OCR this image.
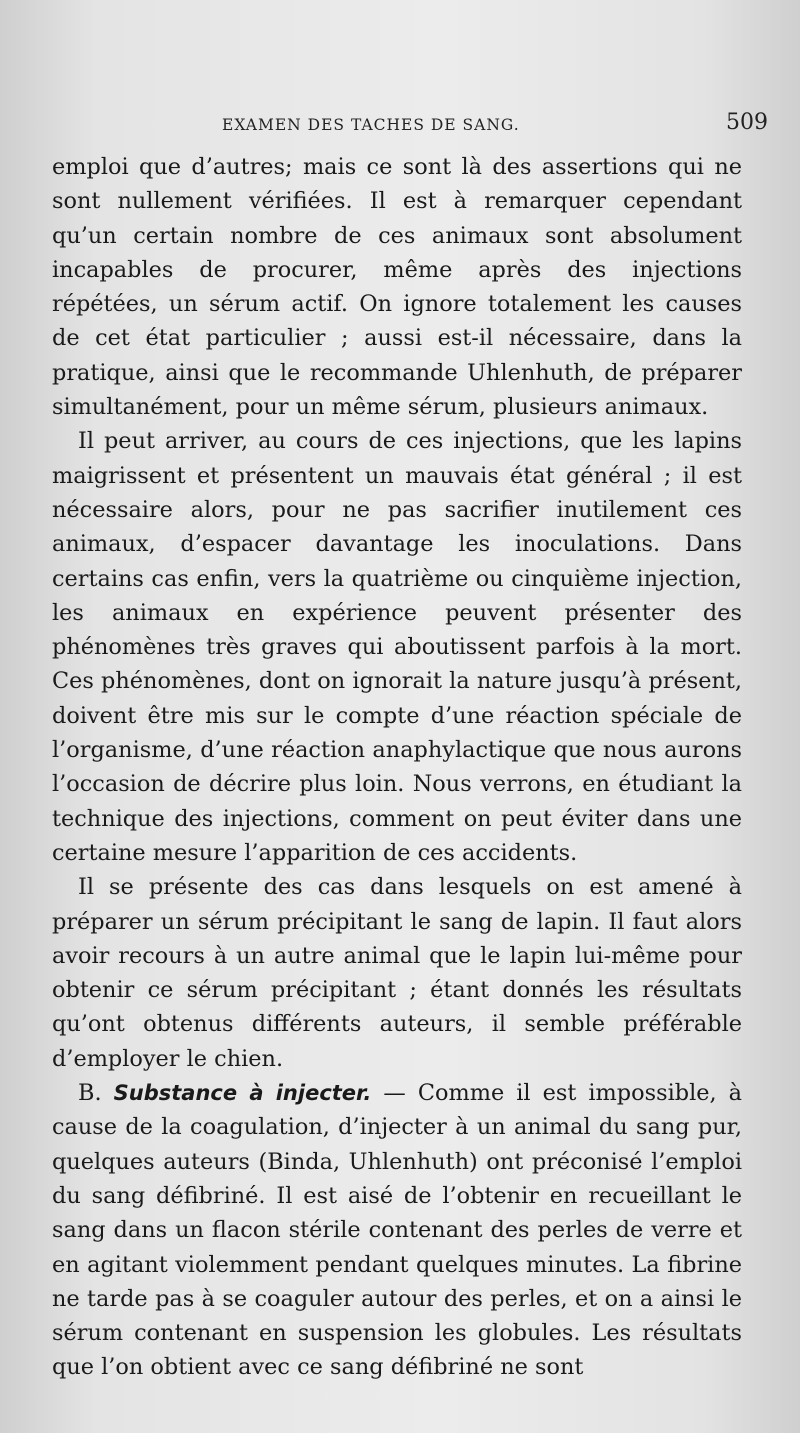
EXAMEN DES TACHES DE SANG.	509

emploi que d’autres; mais ce sont là des assertions qui ne sont nullement vérifiées. Il est à remarquer cependant qu’un certain nombre de ces animaux sont absolument incapables de procurer, même après des injections répétées, un sérum actif. On ignore totalement les causes de cet état particulier ; aussi est-il nécessaire, dans la pratique, ainsi que le recommande Uhlenhuth, de préparer simultanément, pour un même sérum, plusieurs animaux.

Il peut arriver, au cours de ces injections, que les lapins maigrissent et présentent un mauvais état général ; il est nécessaire alors, pour ne pas sacrifier inutilement ces animaux, d’espacer davantage les inoculations. Dans certains cas enfin, vers la quatrième ou cinquième injection, les animaux en expérience peuvent présenter des phénomènes très graves qui aboutissent parfois à la mort. Ces phénomènes, dont on ignorait la nature jusqu’à présent, doivent être mis sur le compte d’une réaction spéciale de l’organisme, d’une réaction anaphylactique que nous aurons l’occasion de décrire plus loin. Nous verrons, en étudiant la technique des injections, comment on peut éviter dans une certaine mesure l’apparition de ces accidents.

Il se présente des cas dans lesquels on est amené à préparer un sérum précipitant le sang de lapin. Il faut alors avoir recours à un autre animal que le lapin lui-même pour obtenir ce sérum précipitant ; étant donnés les résultats qu’ont obtenus différents auteurs, il semble préférable d’employer le chien.

B. Substance à injecter. — Comme il est impossible, à cause de la coagulation, d’injecter à un animal du sang pur, quelques auteurs (Binda, Uhlenhuth) ont préconisé l’emploi du sang défibriné. Il est aisé de l’obtenir en recueillant le sang dans un flacon stérile contenant des perles de verre et en agitant violemment pendant quelques minutes. La fibrine ne tarde pas à se coaguler autour des perles, et on a ainsi le sérum contenant en suspension les globules. Les résultats que l’on obtient avec ce sang défibriné ne sont
